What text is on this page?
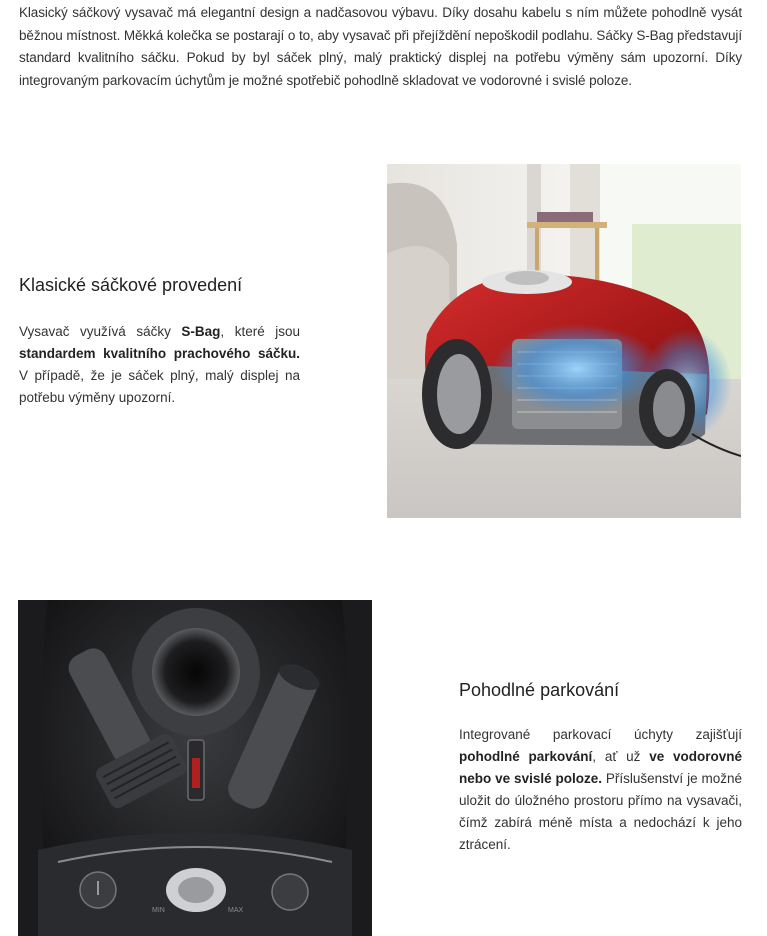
Klasický sáčkový vysavač má elegantní design a nadčasovou výbavu. Díky dosahu kabelu s ním můžete pohodlně vysát běžnou místnost. Měkká kolečka se postarají o to, aby vysavač při přejíždění nepoškodil podlahu. Sáčky S-Bag představují standard kvalitního sáčku. Pokud by byl sáček plný, malý praktický displej na potřebu výměny sám upozorní. Díky integrovaným parkovacím úchytům je možné spotřebič pohodlně skladovat ve vodorovné i svislé poloze.

Klasické sáčkové provedení

Vysavač využívá sáčky S-Bag, které jsou standardem kvalitního prachového sáčku. V případě, že je sáček plný, malý displej na potřebu výměny upozorní.

MIN	MAX
Pohodlné parkování

Integrované parkovací úchyty zajišťují pohodlné parkování, ať už ve vodorovné nebo ve svislé poloze. Příslušenství je možné uložit do úložného prostoru přímo na vysavači, čímž zabírá méně místa a nedochází k jeho ztrácení.
